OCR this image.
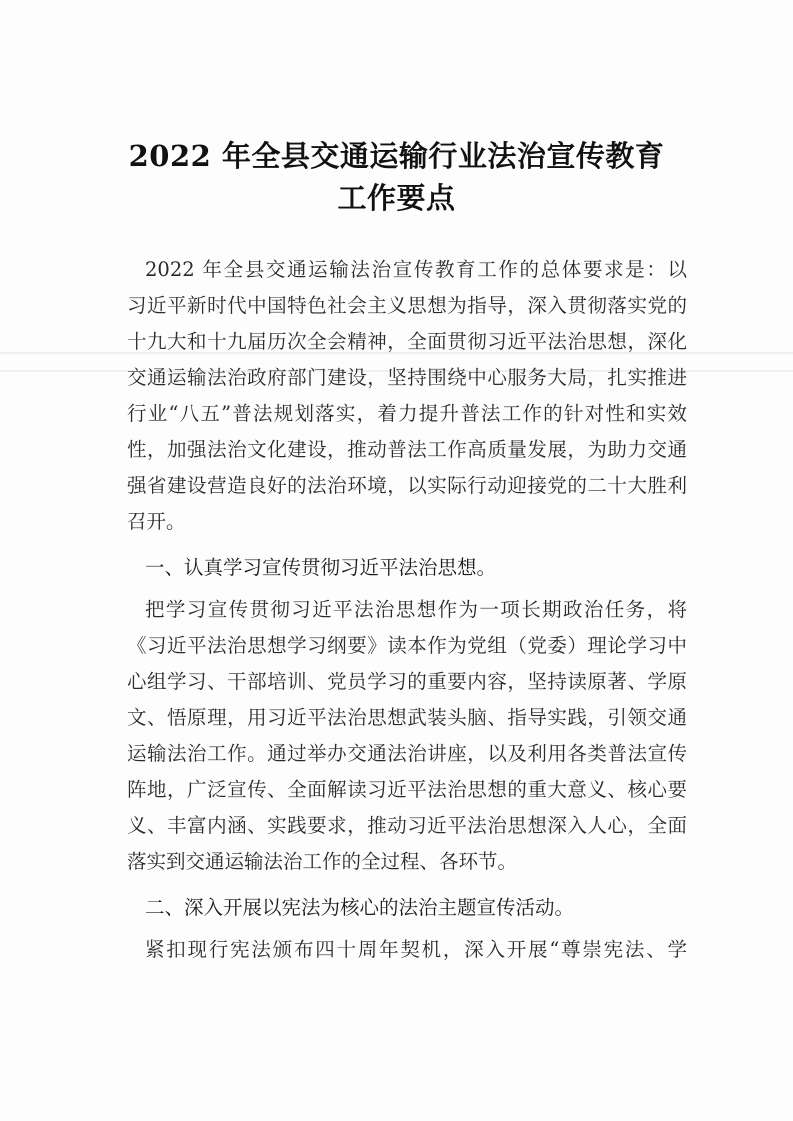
2022 年全县交通运输行业法治宣传教育
工作要点
2022 年全县交通运输法治宣传教育工作的总体要求是：以
习近平新时代中国特色社会主义思想为指导，深入贯彻落实党的
十九大和十九届历次全会精神，全面贯彻习近平法治思想，深化
交通运输法治政府部门建设，坚持围绕中心服务大局，扎实推进
行业“八五”普法规划落实，着力提升普法工作的针对性和实效
性，加强法治文化建设，推动普法工作高质量发展，为助力交通
强省建设营造良好的法治环境，以实际行动迎接党的二十大胜利
召开。
一、认真学习宣传贯彻习近平法治思想。
把学习宣传贯彻习近平法治思想作为一项长期政治任务，将
《习近平法治思想学习纲要》读本作为党组（党委）理论学习中
心组学习、干部培训、党员学习的重要内容，坚持读原著、学原
文、悟原理，用习近平法治思想武装头脑、指导实践，引领交通
运输法治工作。通过举办交通法治讲座，以及利用各类普法宣传
阵地，广泛宣传、全面解读习近平法治思想的重大意义、核心要
义、丰富内涵、实践要求，推动习近平法治思想深入人心，全面
落实到交通运输法治工作的全过程、各环节。
二、深入开展以宪法为核心的法治主题宣传活动。
紧扣现行宪法颁布四十周年契机，深入开展“尊崇宪法、学
